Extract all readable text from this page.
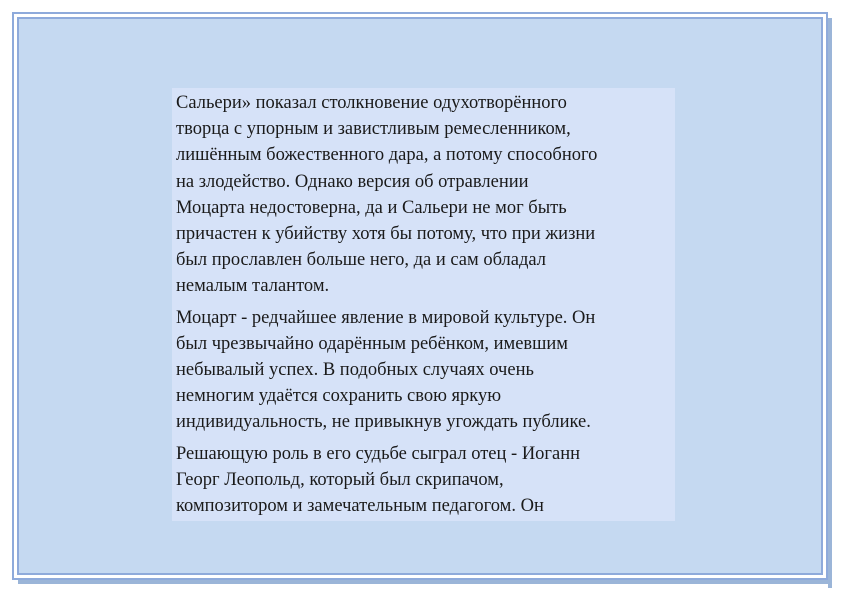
Сальери» показал столкновение одухотворённого
творца с упорным и завистливым ремесленником,
лишённым божественного дара, а потому способного
на злодейство. Однако версия об отравлении
Моцарта недостоверна, да и Сальери не мог быть
причастен к убийству хотя бы потому, что при жизни
был прославлен больше него, да и сам обладал
немалым талантом.

Моцарт - редчайшее явление в мировой культуре. Он
был чрезвычайно одарённым ребёнком, имевшим
небывалый успех. В подобных случаях очень
немногим удаётся сохранить свою яркую
индивидуальность, не привыкнув угождать публике.

Решающую роль в его судьбе сыграл отец - Иоганн
Георг Леопольд, который был скрипачом,
композитором и замечательным педагогом. Он
